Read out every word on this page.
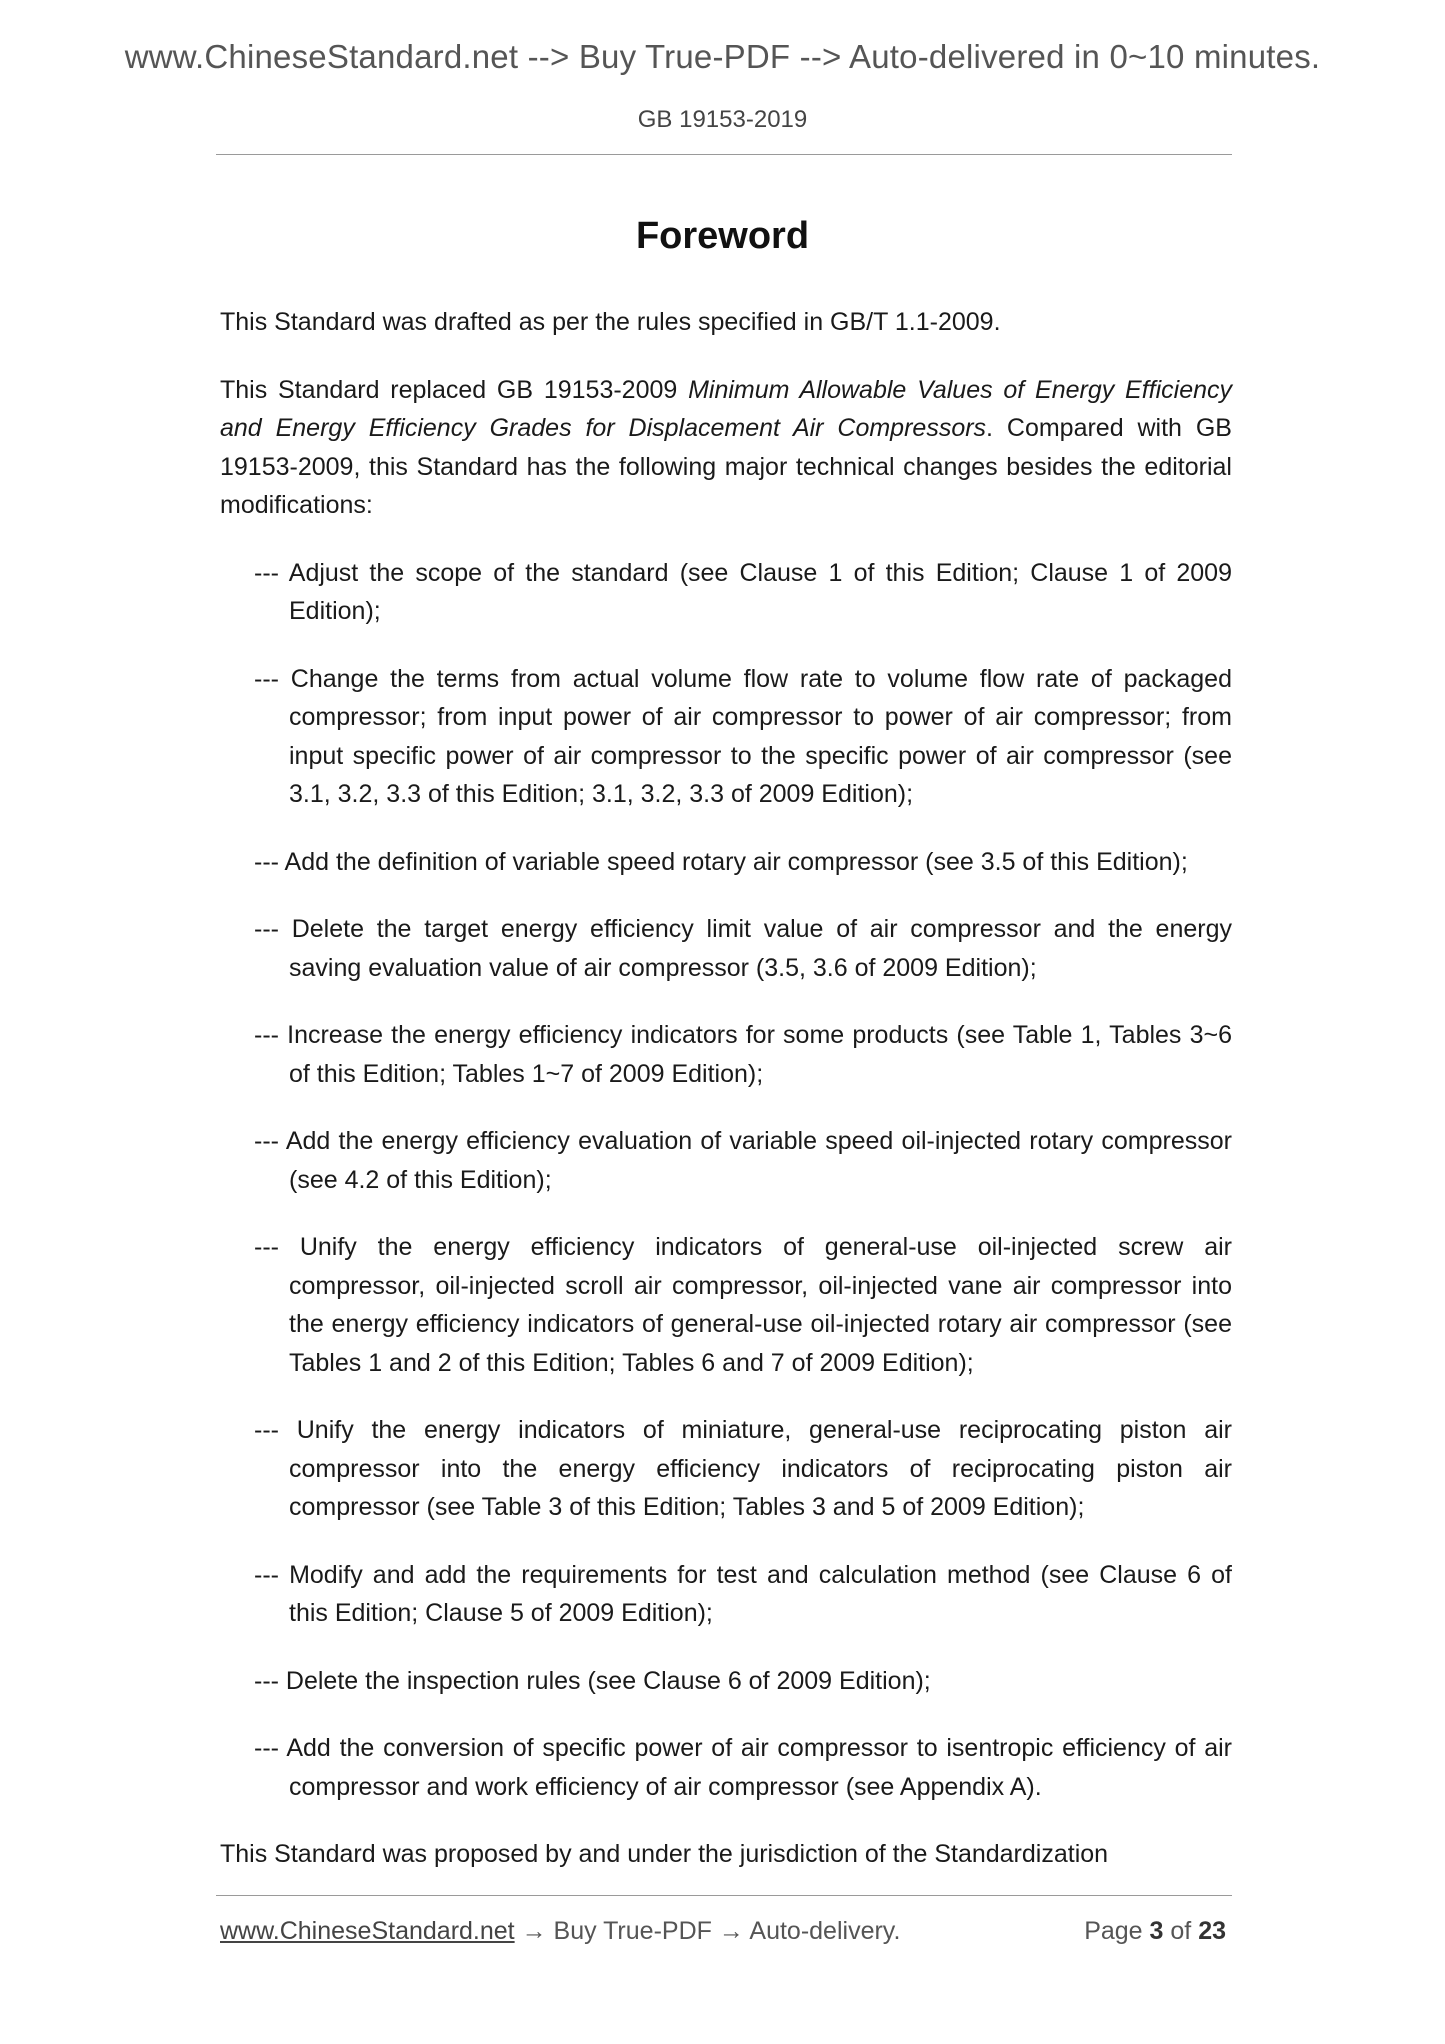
www.ChineseStandard.net --> Buy True-PDF --> Auto-delivered in 0~10 minutes.
GB 19153-2019
Foreword

This Standard was drafted as per the rules specified in GB/T 1.1-2009.

This Standard replaced GB 19153-2009 Minimum Allowable Values of Energy Efficiency and Energy Efficiency Grades for Displacement Air Compressors. Compared with GB 19153-2009, this Standard has the following major technical changes besides the editorial modifications:

--- Adjust the scope of the standard (see Clause 1 of this Edition; Clause 1 of 2009 Edition);
--- Change the terms from actual volume flow rate to volume flow rate of packaged compressor; from input power of air compressor to power of air compressor; from input specific power of air compressor to the specific power of air compressor (see 3.1, 3.2, 3.3 of this Edition; 3.1, 3.2, 3.3 of 2009 Edition);
--- Add the definition of variable speed rotary air compressor (see 3.5 of this Edition);
--- Delete the target energy efficiency limit value of air compressor and the energy saving evaluation value of air compressor (3.5, 3.6 of 2009 Edition);
--- Increase the energy efficiency indicators for some products (see Table 1, Tables 3~6 of this Edition; Tables 1~7 of 2009 Edition);
--- Add the energy efficiency evaluation of variable speed oil-injected rotary compressor (see 4.2 of this Edition);
--- Unify the energy efficiency indicators of general-use oil-injected screw air compressor, oil-injected scroll air compressor, oil-injected vane air compressor into the energy efficiency indicators of general-use oil-injected rotary air compressor (see Tables 1 and 2 of this Edition; Tables 6 and 7 of 2009 Edition);
--- Unify the energy indicators of miniature, general-use reciprocating piston air compressor into the energy efficiency indicators of reciprocating piston air compressor (see Table 3 of this Edition; Tables 3 and 5 of 2009 Edition);
--- Modify and add the requirements for test and calculation method (see Clause 6 of this Edition; Clause 5 of 2009 Edition);
--- Delete the inspection rules (see Clause 6 of 2009 Edition);
--- Add the conversion of specific power of air compressor to isentropic efficiency of air compressor and work efficiency of air compressor (see Appendix A).

This Standard was proposed by and under the jurisdiction of the Standardization

www.ChineseStandard.net → Buy True-PDF → Auto-delivery.	Page 3 of 23
